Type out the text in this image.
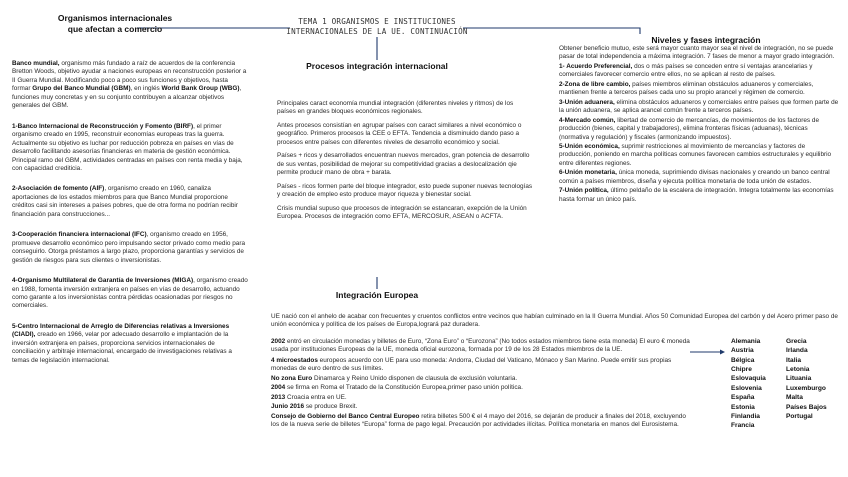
TEMA 1 ORGANISMOS E INSTITUCIONES
INTERNACIONALES DE LA UE. CONTINUACIÓN
Organismos internacionales
que afectan a comercio

Banco mundial, organismo más fundado a raíz de acuerdos de la conferencia Bretton Woods, objetivo ayudar a naciones europeas en reconstrucción posterior a II Guerra Mundial. Modificando poco a poco sus funciones y objetivos, hasta formar Grupo del Banco Mundial (GBM), en inglés World Bank Group (WBG), funciones muy concretas y en su conjunto contribuyen a alcanzar objetivos generales del GBM.

1-Banco Internacional de Reconstrucción y Fomento (BIRF), el primer organismo creado en 1995, reconstruir economías europeas tras la guerra. Actualmente su objetivo es luchar por reducción pobreza en países en vías de desarrollo facilitando asesorías financieras en materia de gestión económica. Principal ramo del GBM, actividades centradas en países con renta media y baja, con capacidad crediticia.

2-Asociación de fomento (AIF), organismo creado en 1960, canaliza aportaciones de los estados miembros para que Banco Mundial proporcione créditos casi sin intereses a países pobres, que de otra forma no podrían recibir financiación para construcciones...

3-Cooperación financiera internacional (IFC), organismo creado en 1956, promueve desarrollo económico pero impulsando sector privado como medio para conseguirlo. Otorga préstamos a largo plazo, proporciona garantías y servicios de gestión de riesgos para sus clientes o inversionistas.

4-Organismo Multilateral de Garantía de Inversiones (MIGA), organismo creado en 1988, fomenta inversión extranjera en países en vías de desarrollo, actuando como garante a los inversionistas contra pérdidas ocasionadas por riesgos no comerciales.

5-Centro Internacional de Arreglo de Diferencias relativas a Inversiones (CIADI), creado en 1966, velar por adecuado desarrollo e implantación de la inversión extranjera en países, proporciona servicios internacionales de conciliación y arbitraje internacional, encargado de investigaciones relativas a temas de legislación internacional.

Procesos integración internacional

Principales caract economía mundial integración (diferentes niveles y ritmos) de los países en grandes bloques económicos regionales.

Antes procesos consistían en agrupar países con caract similares a nivel económico o geográfico. Primeros procesos la CEE o EFTA. Tendencia a disminuido dando paso a procesos entre países con diferentes niveles de desarrollo económico y social.

Países + ricos y desarrollados encuentran nuevos mercados, gran potencia de desarrollo de sus ventas, posibilidad de mejorar su competitividad gracias a deslocalización qie permite producir mano de obra + barata.

Países - ricos formen parte del bloque integrador, esto puede suponer nuevas tecnologías y creación de empleo esto produce mayor riqueza y bienestar social.

Crisis mundial supuso que procesos de integración se estancaran, exepción de la Unión Europea. Procesos de integración como EFTA, MERCOSUR, ASEAN o ACFTA.

Integración Europea
Niveles y fases integración

Obtener beneficio mutuo, este será mayor cuanto mayor sea el nivel de integración, no se puede pasar de total independencia a máxima integración. 7 fases de menor a mayor grado integración.

1- Acuerdo Preferencial, dos o más países se conceden entre sí ventajas arancelarias y comerciales favorecer comercio entre ellos, no se aplican al resto de países.

2-Zona de libre cambio, países miembros eliminan obstáculos aduaneros y comerciales, mantienen frente a terceros países cada uno su propio arancel y régimen de comercio.

3-Unión aduanera, elimina obstáculos aduaneros y comerciales entre países que formen parte de la unión aduanera, se aplica arancel común frente a terceros países.

4-Mercado común, libertad de comercio de mercancías, de movimientos de los factores de producción (bienes, capital y trabajadores), elimina fronteras físicas (aduanas), técnicas (normativa y regulación) y fiscales (armonizando impuestos).

5-Unión económica, suprimir restricciones al movimiento de mercancías y factores de producción, poniendo en marcha políticas comunes favorecen cambios estructurales y equilibrio entre diferentes regiones.

6-Unión monetaria, única moneda, suprimiendo divisas nacionales y creando un banco central común a países miembros, diseña y ejecuta política monetaria de toda unión de estados.

7-Unión política, último peldaño de la escalera de integración. Integra totalmente las economías hasta formar un único país.

UE nació con el anhelo de acabar con frecuentes y cruentos conflictos entre vecinos que habían culminado en la II Guerra Mundial. Años 50 Comunidad Europea del carbón y del Acero primer paso de unión económica y política de los países de Europa,logrará paz duradera.

2002 entró en circulación monedas y billetes de Euro, “Zona Euro” o “Eurozona” (No todos estados miembros tiene esta moneda) El euro € moneda usada por instituciones Europeas de la UE, moneda oficial eurozona, formada por 19 de los 28 Estados miembros de la UE.

4 microestados europeos acuerdo con UE para uso moneda: Andorra, Ciudad del Vaticano, Mónaco y San Marino. Puede emitir sus propias monedas de euro dentro de sus límites.

No zona Euro Dinamarca y Reino Unido disponen de clausula de exclusión voluntaria.

2004 se firma en Roma el Tratado de la Constitución Europea,primer paso unión política.

2013 Croacia entra en UE.

Junio 2016 se produce Brexit.

Consejo de Gobierno del Banco Central Europeo retira billetes 500 € el 4 mayo del 2016, se dejarán de producir a finales del 2018, excluyendo los de la nueva serie de billetes “Europa” forma de pago legal. Precaución por actividades ilícitas. Política monetaria en manos del Eurosistema.

Alemania
Austria
Bélgica
Chipre
Eslovaquia
Eslovenia
España
Estonia
Finlandia
Francia
Grecia
Irlanda
Italia
Letonia
Lituania
Luxemburgo
Malta
Países Bajos
Portugal
